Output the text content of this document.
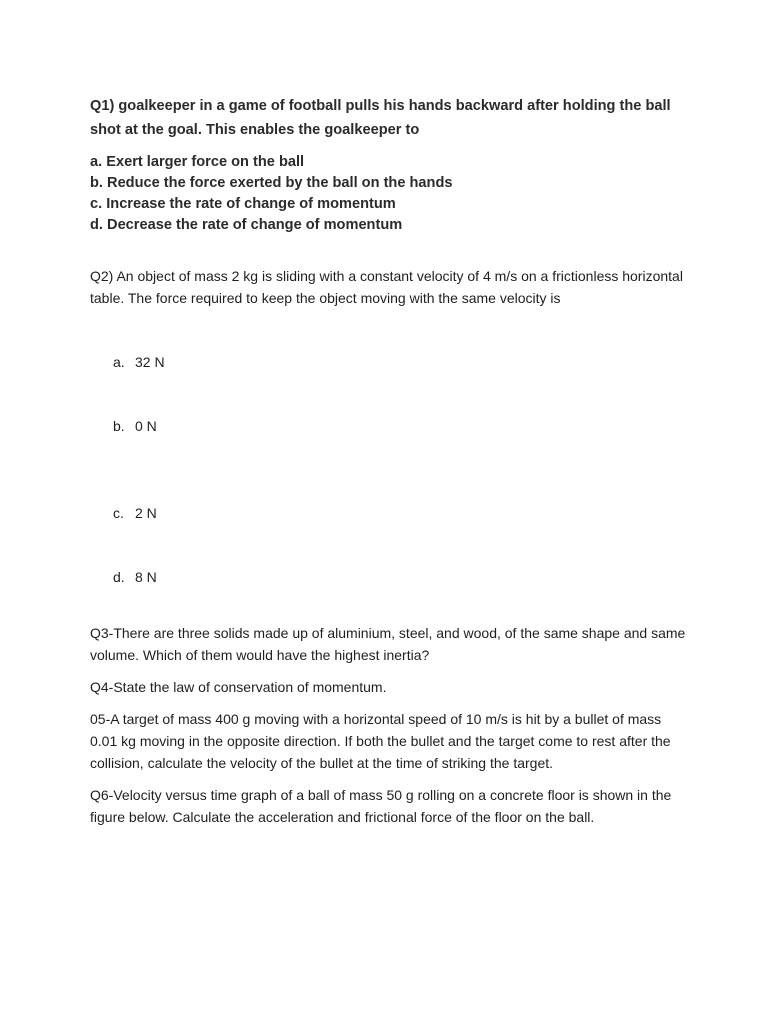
Q1) goalkeeper in a game of football pulls his hands backward after holding the ball shot at the goal. This enables the goalkeeper to

a. Exert larger force on the ball
b. Reduce the force exerted by the ball on the hands
c. Increase the rate of change of momentum
d. Decrease the rate of change of momentum

Q2) An object of mass 2 kg is sliding with a constant velocity of 4 m/s on a frictionless horizontal table. The force required to keep the object moving with the same velocity is

a. 32 N
b. 0 N
c. 2 N
d. 8 N

Q3-There are three solids made up of aluminium, steel, and wood, of the same shape and same volume. Which of them would have the highest inertia?

Q4-State the law of conservation of momentum.

05-A target of mass 400 g moving with a horizontal speed of 10 m/s is hit by a bullet of mass 0.01 kg moving in the opposite direction. If both the bullet and the target come to rest after the collision, calculate the velocity of the bullet at the time of striking the target.

Q6-Velocity versus time graph of a ball of mass 50 g rolling on a concrete floor is shown in the figure below. Calculate the acceleration and frictional force of the floor on the ball.
